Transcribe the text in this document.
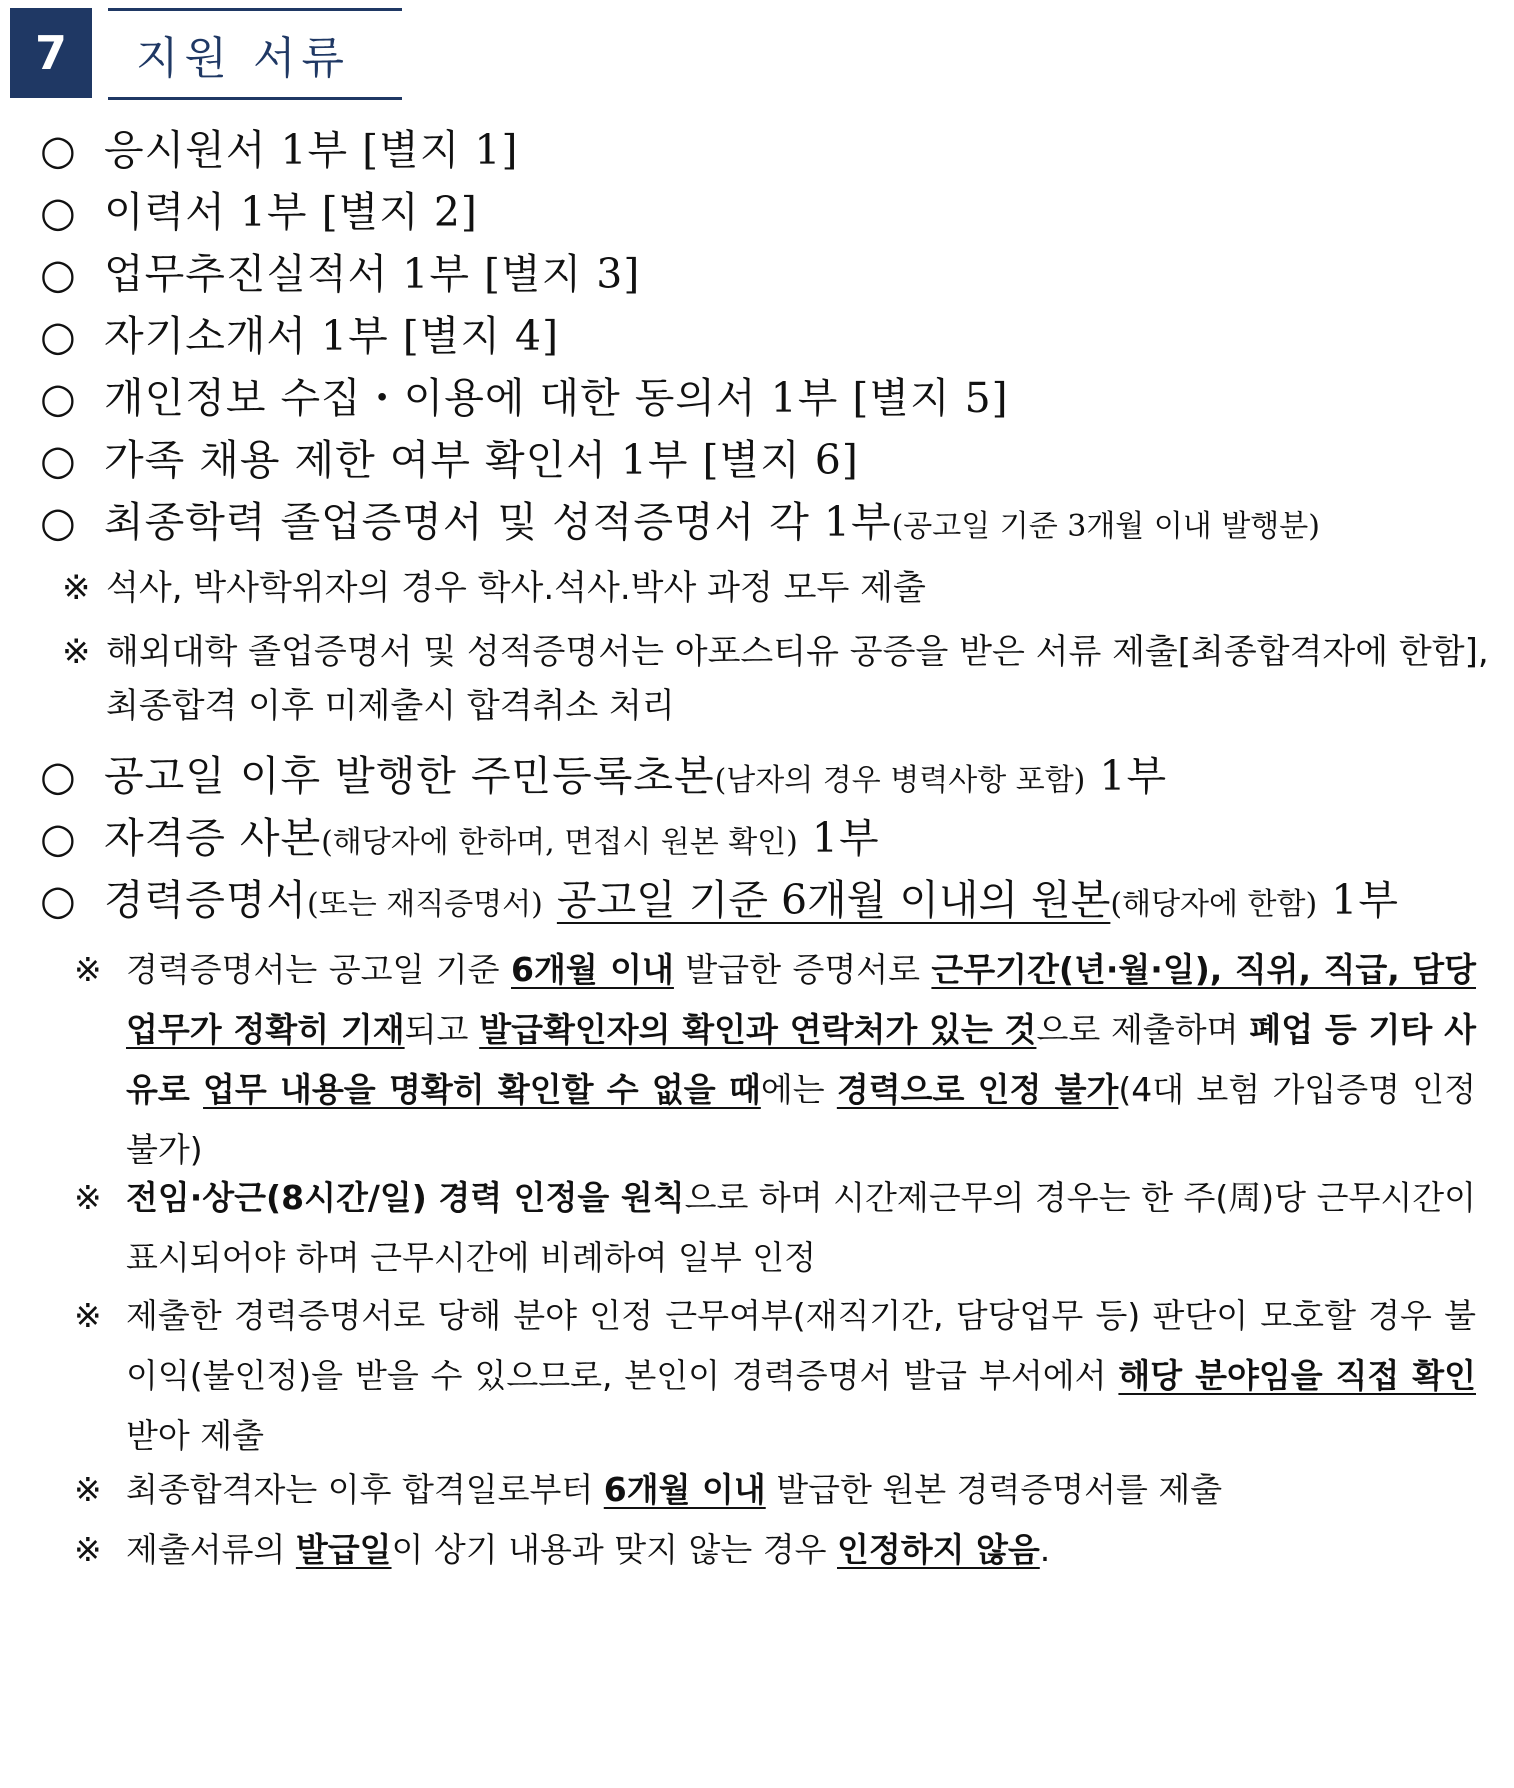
7	지원 서류
○ 응시원서 1부 [별지 1]
○ 이력서 1부 [별지 2]
○ 업무추진실적서 1부 [별지 3]
○ 자기소개서 1부 [별지 4]
○ 개인정보 수집・이용에 대한 동의서 1부 [별지 5]
○ 가족 채용 제한 여부 확인서 1부 [별지 6]
○ 최종학력 졸업증명서 및 성적증명서 각 1부(공고일 기준 3개월 이내 발행분)
※ 석사, 박사학위자의 경우 학사.석사.박사 과정 모두 제출
※ 해외대학 졸업증명서 및 성적증명서는 아포스티유 공증을 받은 서류 제출[최종합격자에 한함],
최종합격 이후 미제출시 합격취소 처리
○ 공고일 이후 발행한 주민등록초본(남자의 경우 병력사항 포함) 1부
○ 자격증 사본(해당자에 한하며, 면접시 원본 확인) 1부
○ 경력증명서(또는 재직증명서) 공고일 기준 6개월 이내의 원본(해당자에 한함) 1부
※ 경력증명서는 공고일 기준 6개월 이내 발급한 증명서로 근무기간(년·월·일), 직위, 직급, 담당업무가 정확히 기재되고 발급확인자의 확인과 연락처가 있는 것으로 제출하며 폐업 등 기타 사유로 업무 내용을 명확히 확인할 수 없을 때에는 경력으로 인정 불가(4대 보험 가입증명 인정 불가)
※ 전임·상근(8시간/일) 경력 인정을 원칙으로 하며 시간제근무의 경우는 한 주(周)당 근무시간이 표시되어야 하며 근무시간에 비례하여 일부 인정
※ 제출한 경력증명서로 당해 분야 인정 근무여부(재직기간, 담당업무 등) 판단이 모호할 경우 불이익(불인정)을 받을 수 있으므로, 본인이 경력증명서 발급 부서에서 해당 분야임을 직접 확인받아 제출
※ 최종합격자는 이후 합격일로부터 6개월 이내 발급한 원본 경력증명서를 제출
※ 제출서류의 발급일이 상기 내용과 맞지 않는 경우 인정하지 않음.
